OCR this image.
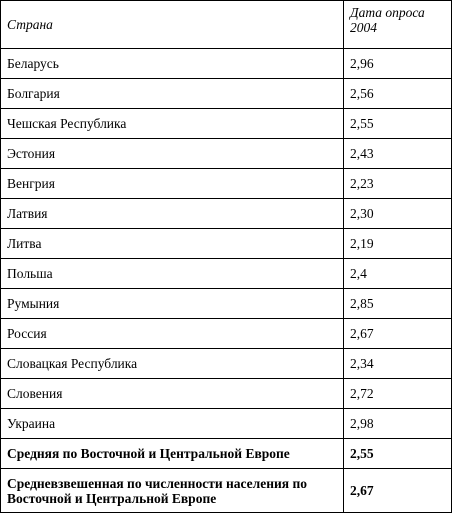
Страна	Дата опроса 2004
Беларусь	2,96
Болгария	2,56
Чешская Республика	2,55
Эстония	2,43
Венгрия	2,23
Латвия	2,30
Литва	2,19
Польша	2,4
Румыния	2,85
Россия	2,67
Словацкая Республика	2,34
Словения	2,72
Украина	2,98
Средняя по Восточной и Центральной Европе	2,55
Средневзвешенная по численности населения по Восточной и Центральной Европе	2,67
